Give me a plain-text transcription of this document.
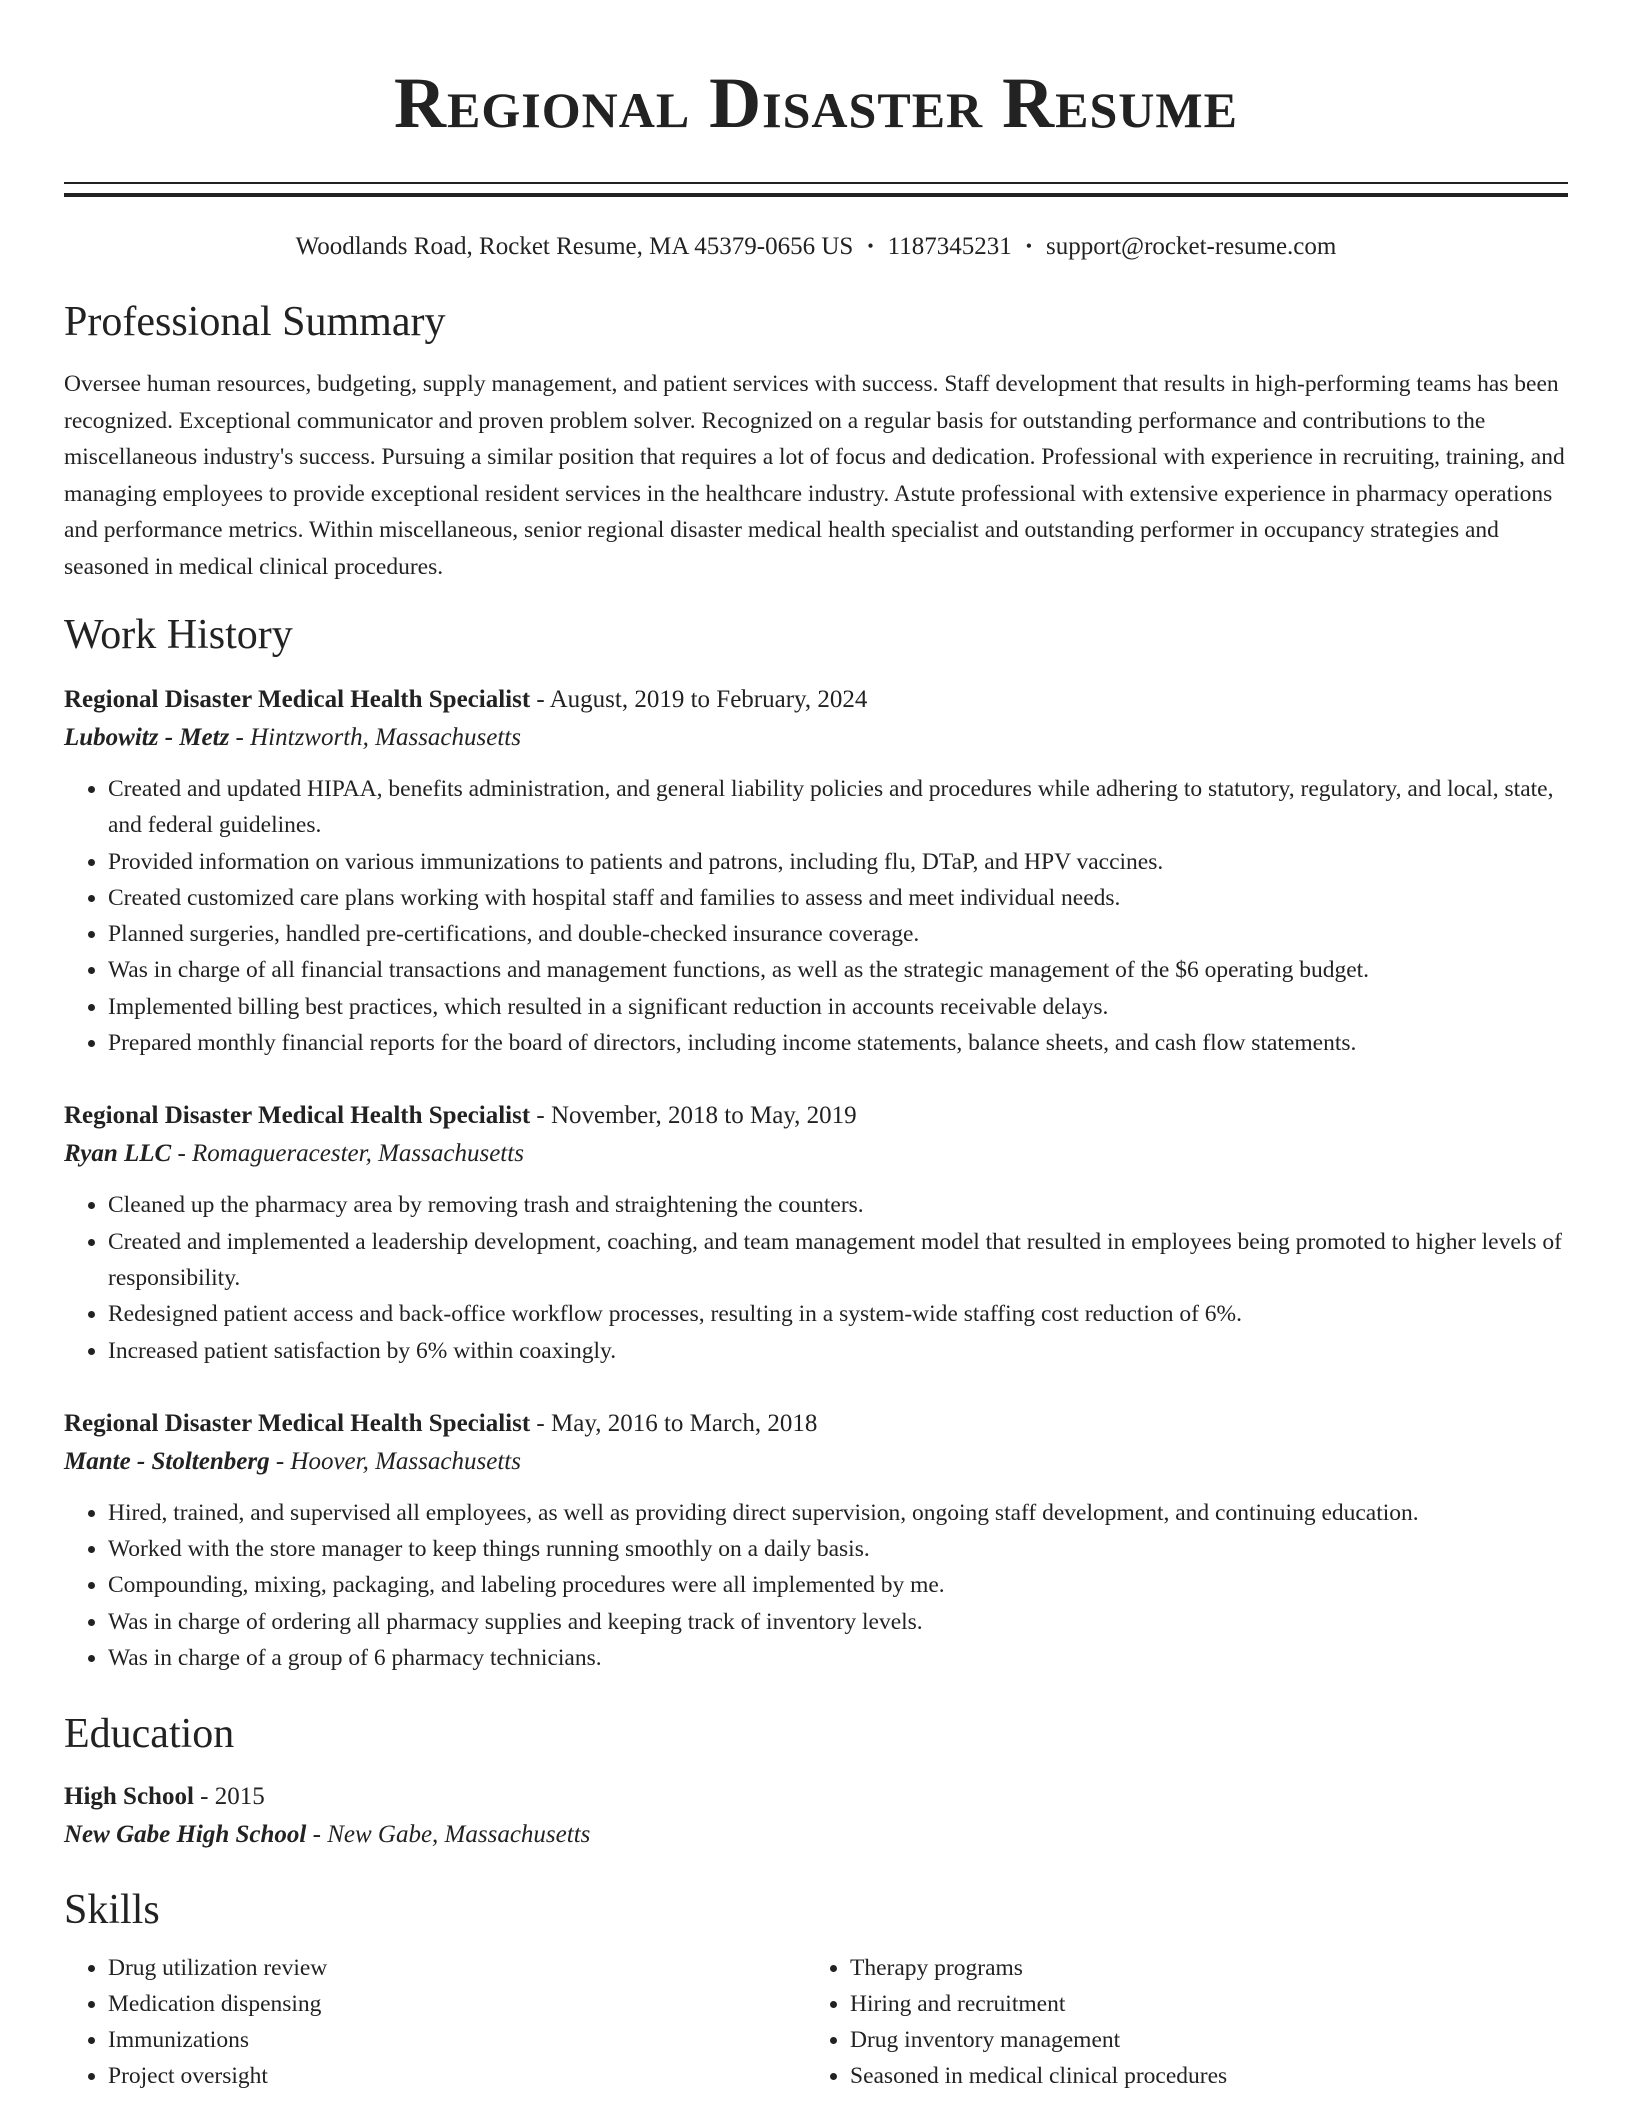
Regional Disaster Resume
Woodlands Road, Rocket Resume, MA 45379-0656 US • 1187345231 • support@rocket-resume.com
Professional Summary

Oversee human resources, budgeting, supply management, and patient services with success. Staff development that results in high-performing teams has been recognized. Exceptional communicator and proven problem solver. Recognized on a regular basis for outstanding performance and contributions to the miscellaneous industry's success. Pursuing a similar position that requires a lot of focus and dedication. Professional with experience in recruiting, training, and managing employees to provide exceptional resident services in the healthcare industry. Astute professional with extensive experience in pharmacy operations and performance metrics. Within miscellaneous, senior regional disaster medical health specialist and outstanding performer in occupancy strategies and seasoned in medical clinical procedures.

Work History
Regional Disaster Medical Health Specialist - August, 2019 to February, 2024
Lubowitz - Metz - Hintzworth, Massachusetts
• Created and updated HIPAA, benefits administration, and general liability policies and procedures while adhering to statutory, regulatory, and local, state, and federal guidelines.
• Provided information on various immunizations to patients and patrons, including flu, DTaP, and HPV vaccines.
• Created customized care plans working with hospital staff and families to assess and meet individual needs.
• Planned surgeries, handled pre-certifications, and double-checked insurance coverage.
• Was in charge of all financial transactions and management functions, as well as the strategic management of the $6 operating budget.
• Implemented billing best practices, which resulted in a significant reduction in accounts receivable delays.
• Prepared monthly financial reports for the board of directors, including income statements, balance sheets, and cash flow statements.
Regional Disaster Medical Health Specialist - November, 2018 to May, 2019
Ryan LLC - Romagueracester, Massachusetts
• Cleaned up the pharmacy area by removing trash and straightening the counters.
• Created and implemented a leadership development, coaching, and team management model that resulted in employees being promoted to higher levels of responsibility.
• Redesigned patient access and back-office workflow processes, resulting in a system-wide staffing cost reduction of 6%.
• Increased patient satisfaction by 6% within coaxingly.
Regional Disaster Medical Health Specialist - May, 2016 to March, 2018
Mante - Stoltenberg - Hoover, Massachusetts
• Hired, trained, and supervised all employees, as well as providing direct supervision, ongoing staff development, and continuing education.
• Worked with the store manager to keep things running smoothly on a daily basis.
• Compounding, mixing, packaging, and labeling procedures were all implemented by me.
• Was in charge of ordering all pharmacy supplies and keeping track of inventory levels.
• Was in charge of a group of 6 pharmacy technicians.
Education
High School - 2015
New Gabe High School - New Gabe, Massachusetts
Skills
• Drug utilization review
• Medication dispensing
• Immunizations
• Project oversight
• Therapy programs
• Hiring and recruitment
• Drug inventory management
• Seasoned in medical clinical procedures
